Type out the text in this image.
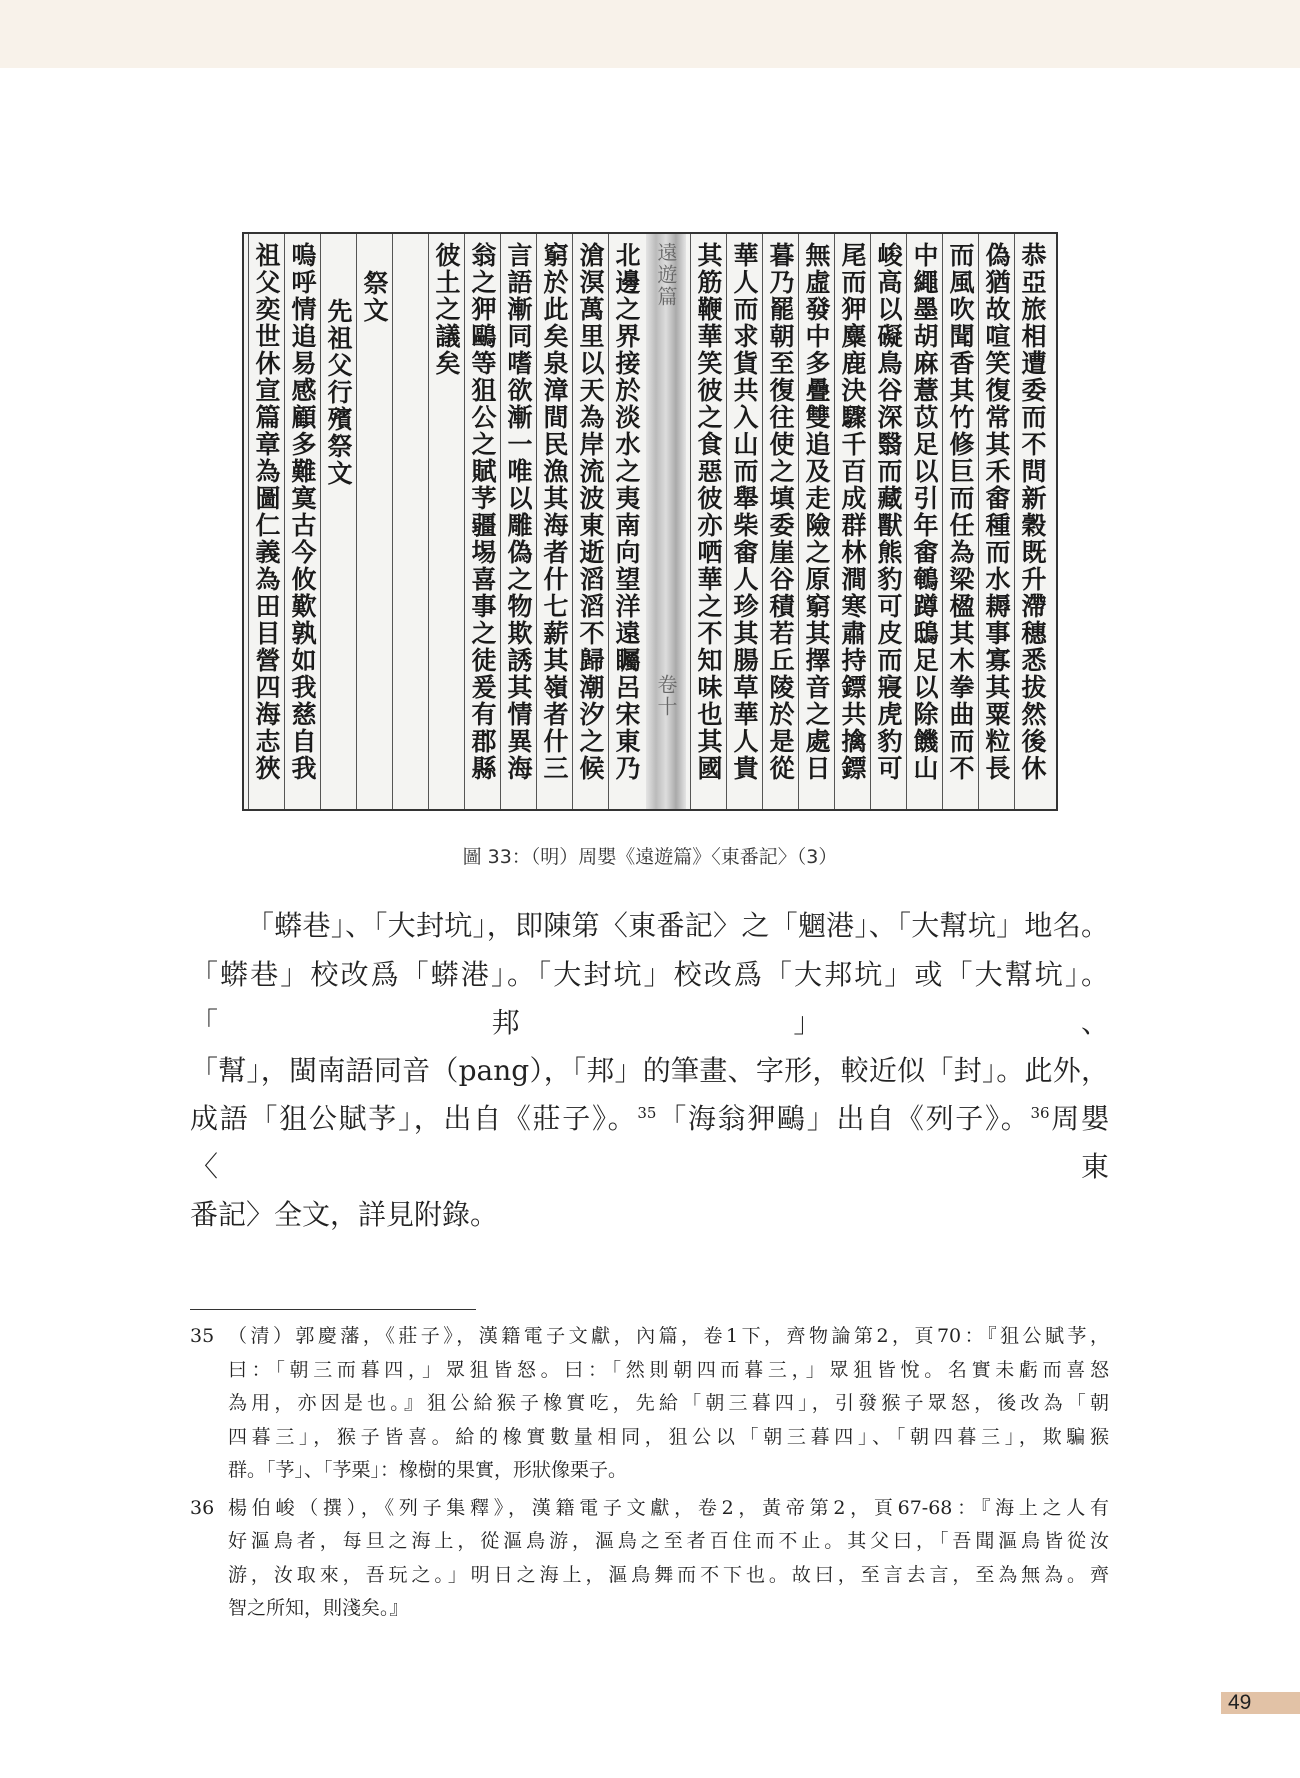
北邊之界接於淡水之夷南向望洋遠矚呂宋東乃
滄溟萬里以天為岸流波東逝滔滔不歸潮汐之候
窮於此矣泉漳間民漁其海者什七薪其嶺者什三
言語漸同嗜欲漸一唯以雕偽之物欺誘其情異海
翁之狎鷗等狙公之賦芧疆埸喜事之徒爰有郡縣
彼土之議矣
祭文
先祖父行殯祭文
嗚呼情追易感顧多難寞古今攸歎孰如我慈自我
祖父奕世休宣篇章為圖仁義為田目營四海志狹	遠遊篇
卷十	恭亞旅相遭委而不問新穀既升滯穗悉拔然後休
偽猶故喧笑復常其禾畬種而水耨事寡其粟粒長
而風吹聞香其竹修巨而任為梁楹其木拳曲而不
中繩墨胡麻薏苡足以引年畬鵪蹲鴟足以除饑山
峻高以礙鳥谷深翳而藏獸熊豹可皮而寢虎豹可
尾而狎麋鹿決驟千百成群林澗寒肅持鏢共擒鏢
無虛發中多疊雙追及走險之原窮其擇音之處日
暮乃罷朝至復往使之填委崖谷積若丘陵於是從
華人而求貨共入山而舉柴畬人珍其腸草華人貴
其筋鞭華笑彼之食惡彼亦哂華之不知味也其國
圖 33：（明）周嬰《遠遊篇》〈東番記〉（3）
「蟒巷」、「大封坑」，即陳第〈東番記〉之「魍港」、「大幫坑」地名。
「蟒巷」校改爲「蟒港」。「大封坑」校改爲「大邦坑」或「大幫坑」。「邦」、
「幫」，閩南語同音（pang），「邦」的筆畫、字形，較近似「封」。此外，
成語「狙公賦芧」，出自《莊子》。$^{35}$「海翁狎鷗」出自《列子》。$^{36}$周嬰〈東
番記〉全文，詳見附錄。
35 （清）郭慶藩，《莊子》，漢籍電子文獻，內篇，卷1下，齊物論第2，頁70：『狙公賦芧，
曰：「朝三而暮四，」眾狙皆怒。曰：「然則朝四而暮三，」眾狙皆悅。名實未虧而喜怒
為用，亦因是也。』狙公給猴子橡實吃，先給「朝三暮四」，引發猴子眾怒，後改為「朝
四暮三」，猴子皆喜。給的橡實數量相同，狙公以「朝三暮四」、「朝四暮三」，欺騙猴
群。「芧」、「芧栗」：橡樹的果實，形狀像栗子。
36 楊伯峻（撰），《列子集釋》，漢籍電子文獻，卷2，黃帝第2，頁67-68：『海上之人有
好漚鳥者，每旦之海上，從漚鳥游，漚鳥之至者百住而不止。其父曰，「吾聞漚鳥皆從汝
游，汝取來，吾玩之。」明日之海上，漚鳥舞而不下也。故曰，至言去言，至為無為。齊
智之所知，則淺矣。』
49
